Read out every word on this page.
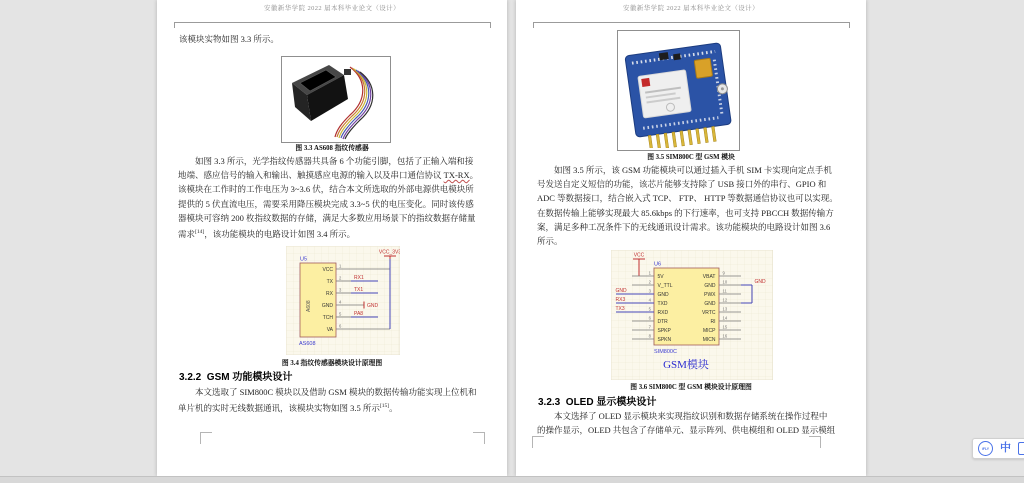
安徽新华学院 2022 届本科毕业论文（设计）
该模块实物如图 3.3 所示。
图 3.3 AS608 指纹传感器
如图 3.3 所示，光学指纹传感器共具备 6 个功能引脚，包括了正输入端和接
地端、感应信号的输入和输出、触摸感应电源的输入以及串口通信协议 TX-RX。
该模块在工作时的工作电压为 3~3.6 伏，结合本文所选取的外部电源供电模块所
提供的 5 伏直流电压，需要采用降压模块完成 3.3~5 伏的电压变化。同时该传感
器模块可容纳 200 枚指纹数据的存储，满足大多数应用场景下的指纹数据存储量
需求[14]，该功能模块的电路设计如图 3.4 所示。
U5
A608
AS608
VCC
1
TX
2	RX1
RX
3	TX1
GND
4
GND
TCH
5	PA8
VA
6
VCC_3V3
图 3.4 指纹传感器模块设计原理图
3.2.2  GSM 功能模块设计
本文选取了 SIM800C 模块以及借助 GSM 模块的数据传输功能实现上位机和
单片机的实时无线数据通讯，该模块实物如图 3.5 所示[15]。
安徽新华学院 2022 届本科毕业论文（设计）
图 3.5 SIM800C 型 GSM 模块
如图 3.5 所示，该 GSM 功能模块可以通过插入手机 SIM 卡实现向定点手机
号发送自定义短信的功能，该芯片能够支持除了 USB 接口外的串行、GPIO 和
ADC 等数据接口，结合嵌入式 TCP、 FTP、 HTTP 等数据通信协议也可以实现。
在数据传输上能够实现最大 85.6kbps 的下行速率，也可支持 PBCCH 数据传输方
案，满足多种工况条件下的无线通讯设计需求。该功能模块的电路设计如图 3.6
所示。
U6
VCC
1
2
3
GND
4
RX3
5
TX3
6
7
8
5V
V_TTL
GND
TXD
RXD
DTR
SPKP
SPKN
VBAT
GND
PWX
GND
VRTC
RI
MICP
MICN
9
10
11
12
13
14
15
16
GND
SIM800C
GSM模块
图 3.6 SIM800C 型 GSM 模块设计原理图
3.2.3  OLED 显示模块设计
本文选择了 OLED 显示模块来实现指纹识别和数据存储系统在操作过程中
的操作显示，OLED 共包含了存储单元、显示阵列、供电模组和 OLED 显示模组
iFLY 中
